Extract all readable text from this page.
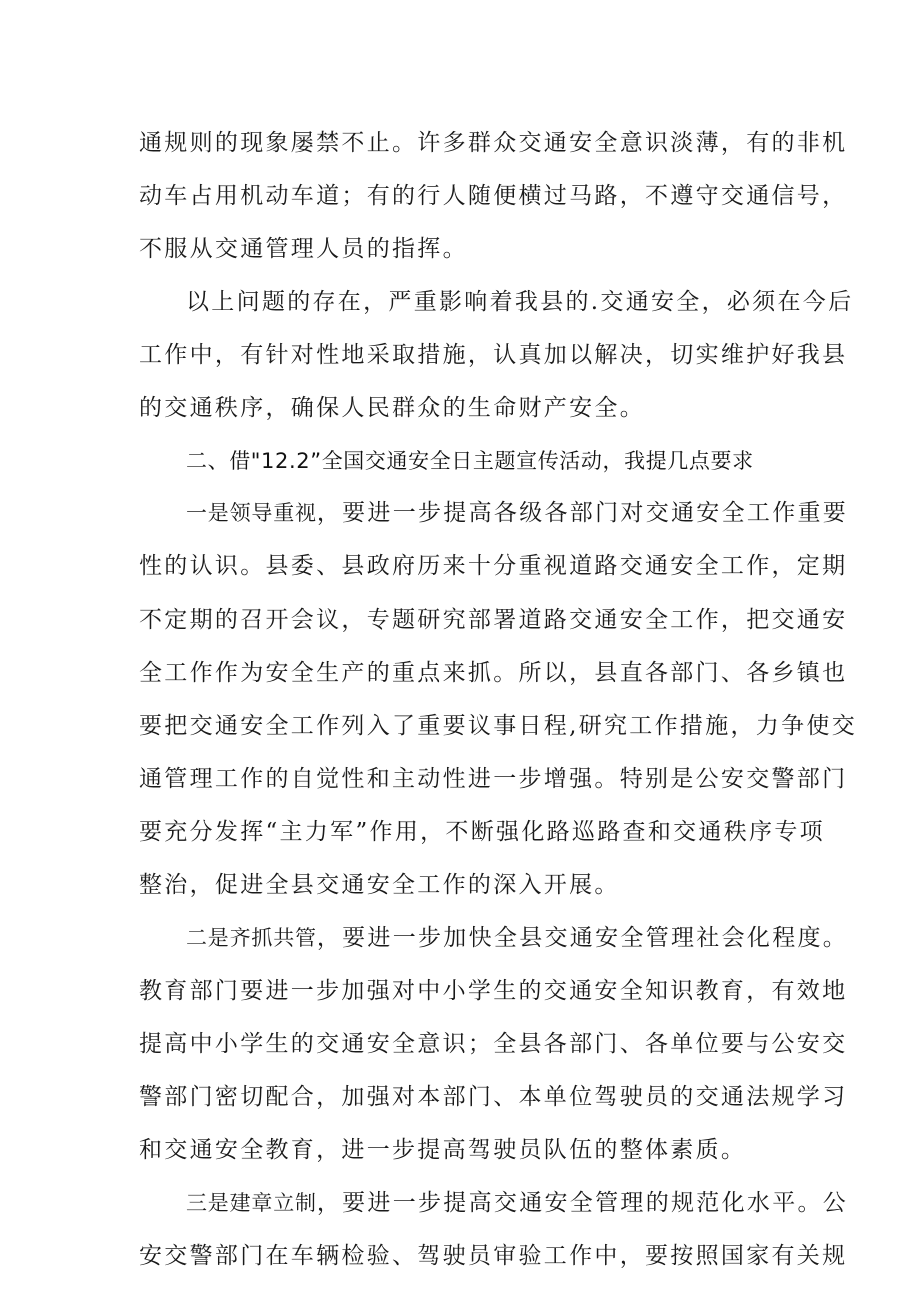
通规则的现象屡禁不止。许多群众交通安全意识淡薄，有的非机
动车占用机动车道；有的行人随便横过马路，不遵守交通信号，
不服从交通管理人员的指挥。
以上问题的存在，严重影响着我县的.交通安全，必须在今后
工作中，有针对性地采取措施，认真加以解决，切实维护好我县
的交通秩序，确保人民群众的生命财产安全。
二、借"12.2”全国交通安全日主题宣传活动，我提几点要求
一是领导重视，要进一步提高各级各部门对交通安全工作重要
性的认识。县委、县政府历来十分重视道路交通安全工作，定期
不定期的召开会议，专题研究部署道路交通安全工作，把交通安
全工作作为安全生产的重点来抓。所以，县直各部门、各乡镇也
要把交通安全工作列入了重要议事日程,研究工作措施，力争使交
通管理工作的自觉性和主动性进一步增强。特别是公安交警部门
要充分发挥“主力军”作用，不断强化路巡路查和交通秩序专项
整治，促进全县交通安全工作的深入开展。
二是齐抓共管，要进一步加快全县交通安全管理社会化程度。
教育部门要进一步加强对中小学生的交通安全知识教育，有效地
提高中小学生的交通安全意识；全县各部门、各单位要与公安交
警部门密切配合，加强对本部门、本单位驾驶员的交通法规学习
和交通安全教育，进一步提高驾驶员队伍的整体素质。
三是建章立制，要进一步提高交通安全管理的规范化水平。公
安交警部门在车辆检验、驾驶员审验工作中，要按照国家有关规
